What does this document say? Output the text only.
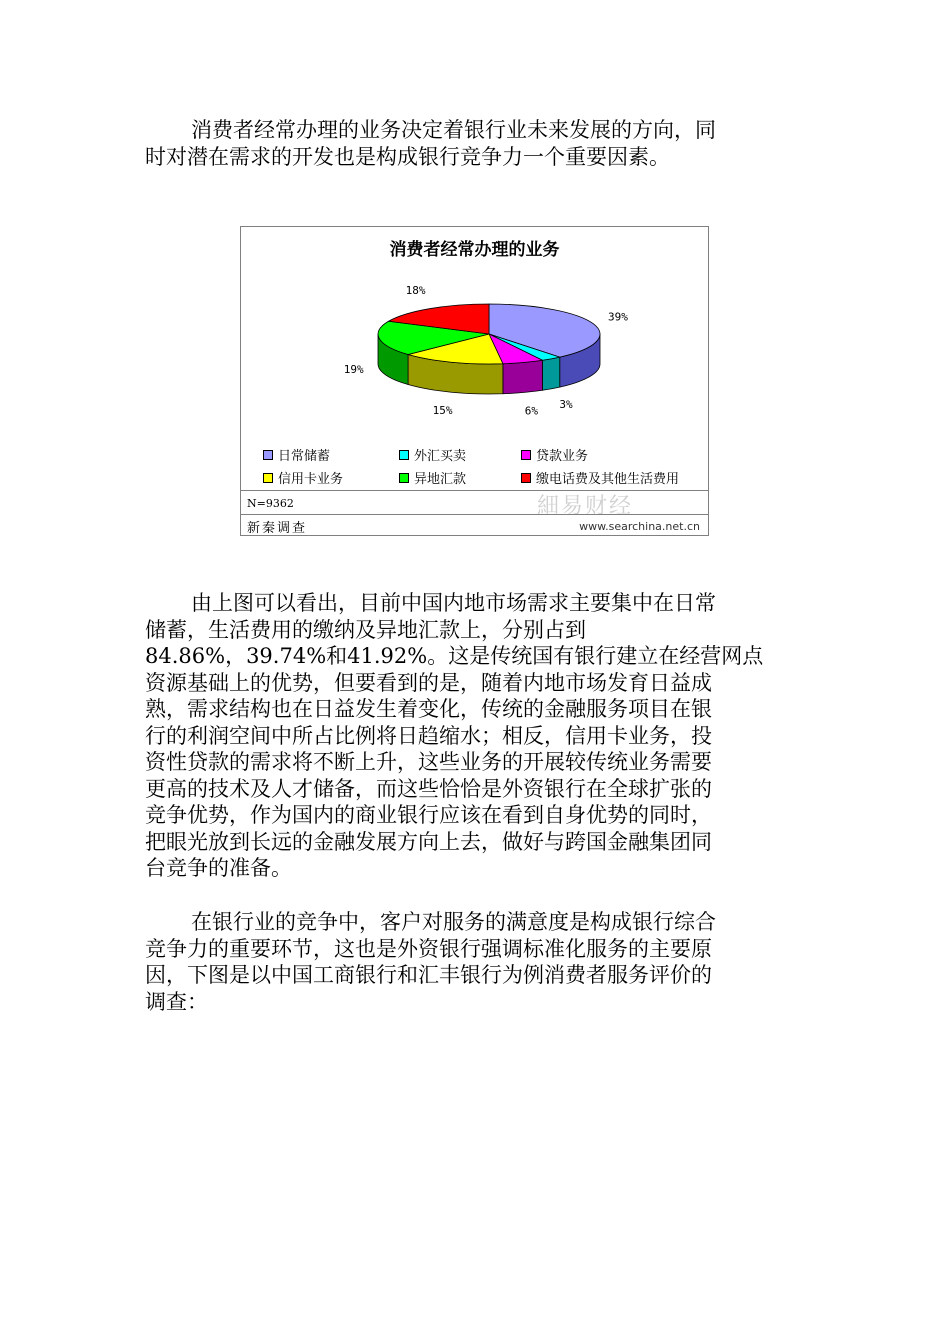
消费者经常办理的业务决定着银行业未来发展的方向，同
时对潜在需求的开发也是构成银行竞争力一个重要因素。
消费者经常办理的业务
39%
3%
6%
15%
19%
18%
日常储蓄	外汇买卖	贷款业务
信用卡业务	异地汇款	缴电话费及其他生活费用
細易财经
N=9362
新秦调查	www.searchina.net.cn
由上图可以看出，目前中国内地市场需求主要集中在日常
储蓄，生活费用的缴纳及异地汇款上，分别占到
84.86%，39.74%和41.92%。这是传统国有银行建立在经营网点
资源基础上的优势，但要看到的是，随着内地市场发育日益成
熟，需求结构也在日益发生着变化，传统的金融服务项目在银
行的利润空间中所占比例将日趋缩水；相反，信用卡业务，投
资性贷款的需求将不断上升，这些业务的开展较传统业务需要
更高的技术及人才储备，而这些恰恰是外资银行在全球扩张的
竞争优势，作为国内的商业银行应该在看到自身优势的同时，
把眼光放到长远的金融发展方向上去，做好与跨国金融集团同
台竞争的准备。
在银行业的竞争中，客户对服务的满意度是构成银行综合
竞争力的重要环节，这也是外资银行强调标准化服务的主要原
因，下图是以中国工商银行和汇丰银行为例消费者服务评价的
调查：
